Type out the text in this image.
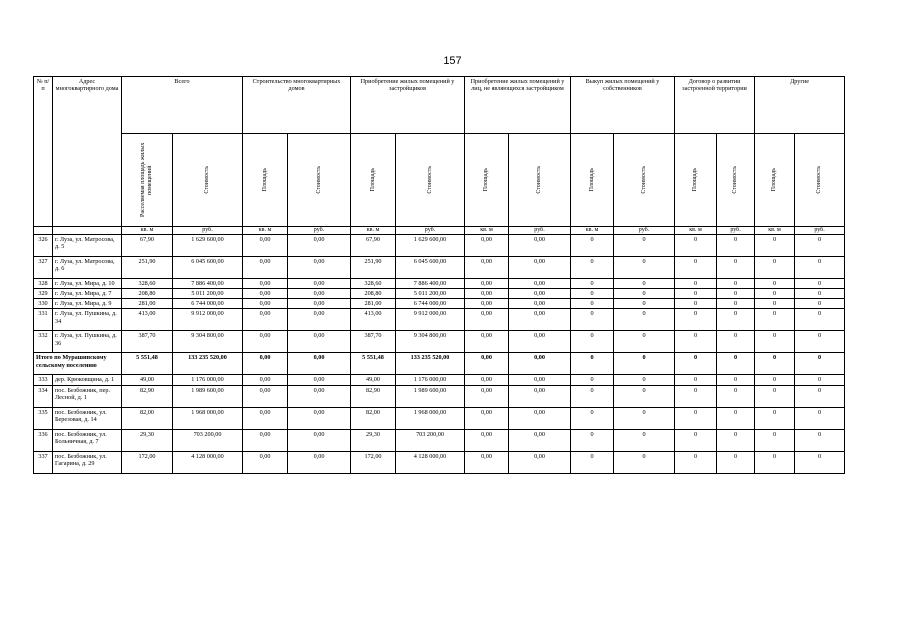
157
№ п/п	Адрес многоквартирного дома	Всего		Строительство многоквартирных домов		Приобретение жилых помещений у застройщиков		Приобретение жилых помещений у лиц, не являющихся застройщиком		Выкуп жилых помещений у собственников		Договор о развитии застроенной территории		Другие	

		Расселяемая площадь жилых помещений	Стоимость	Площадь	Стоимость	Площадь	Стоимость	Площадь	Стоимость	Площадь	Стоимость	Площадь	Стоимость	Площадь	Стоимость

		кв. м	руб.	кв. м	руб.	кв. м	руб.	кв. м	руб.	кв. м	руб.	кв. м	руб.	кв. м	руб.
326	г. Луза, ул. Матросова, д. 5	67,90	1 629 600,00	0,00	0,00	67,90	1 629 600,00	0,00	0,00	0	0	0	0	0	0
327	г. Луза, ул. Матросова, д. 6	251,90	6 045 600,00	0,00	0,00	251,90	6 045 600,00	0,00	0,00	0	0	0	0	0	0
328	г. Луза, ул. Мира, д. 10	328,60	7 886 400,00	0,00	0,00	328,60	7 886 400,00	0,00	0,00	0	0	0	0	0	0
329	г. Луза, ул. Мира, д. 7	208,80	5 011 200,00	0,00	0,00	208,80	5 011 200,00	0,00	0,00	0	0	0	0	0	0
330	г. Луза, ул. Мира, д. 9	281,00	6 744 000,00	0,00	0,00	281,00	6 744 000,00	0,00	0,00	0	0	0	0	0	0
331	г. Луза, ул. Пушкина, д. 34	413,00	9 912 000,00	0,00	0,00	413,00	9 912 000,00	0,00	0,00	0	0	0	0	0	0
332	г. Луза, ул. Пушкина, д. 36	387,70	9 304 800,00	0,00	0,00	387,70	9 304 800,00	0,00	0,00	0	0	0	0	0	0
Итого по Мурашинскому сельскому поселению		5 551,48	133 235 520,00	0,00	0,00	5 551,48	133 235 520,00	0,00	0,00	0	0	0	0	0	0
333	дер. Крюковщина, д. 1	49,00	1 176 000,00	0,00	0,00	49,00	1 176 000,00	0,00	0,00	0	0	0	0	0	0
334	пос. Безбожник, пер. Лесной, д. 1	82,90	1 989 600,00	0,00	0,00	82,90	1 989 600,00	0,00	0,00	0	0	0	0	0	0
335	пос. Безбожник, ул. Березовая, д. 14	82,00	1 968 000,00	0,00	0,00	82,00	1 968 000,00	0,00	0,00	0	0	0	0	0	0
336	пос. Безбожник, ул. Больничная, д. 7	29,30	703 200,00	0,00	0,00	29,30	703 200,00	0,00	0,00	0	0	0	0	0	0
337	пос. Безбожник, ул. Гагарина, д. 29	172,00	4 128 000,00	0,00	0,00	172,00	4 128 000,00	0,00	0,00	0	0	0	0	0	0
